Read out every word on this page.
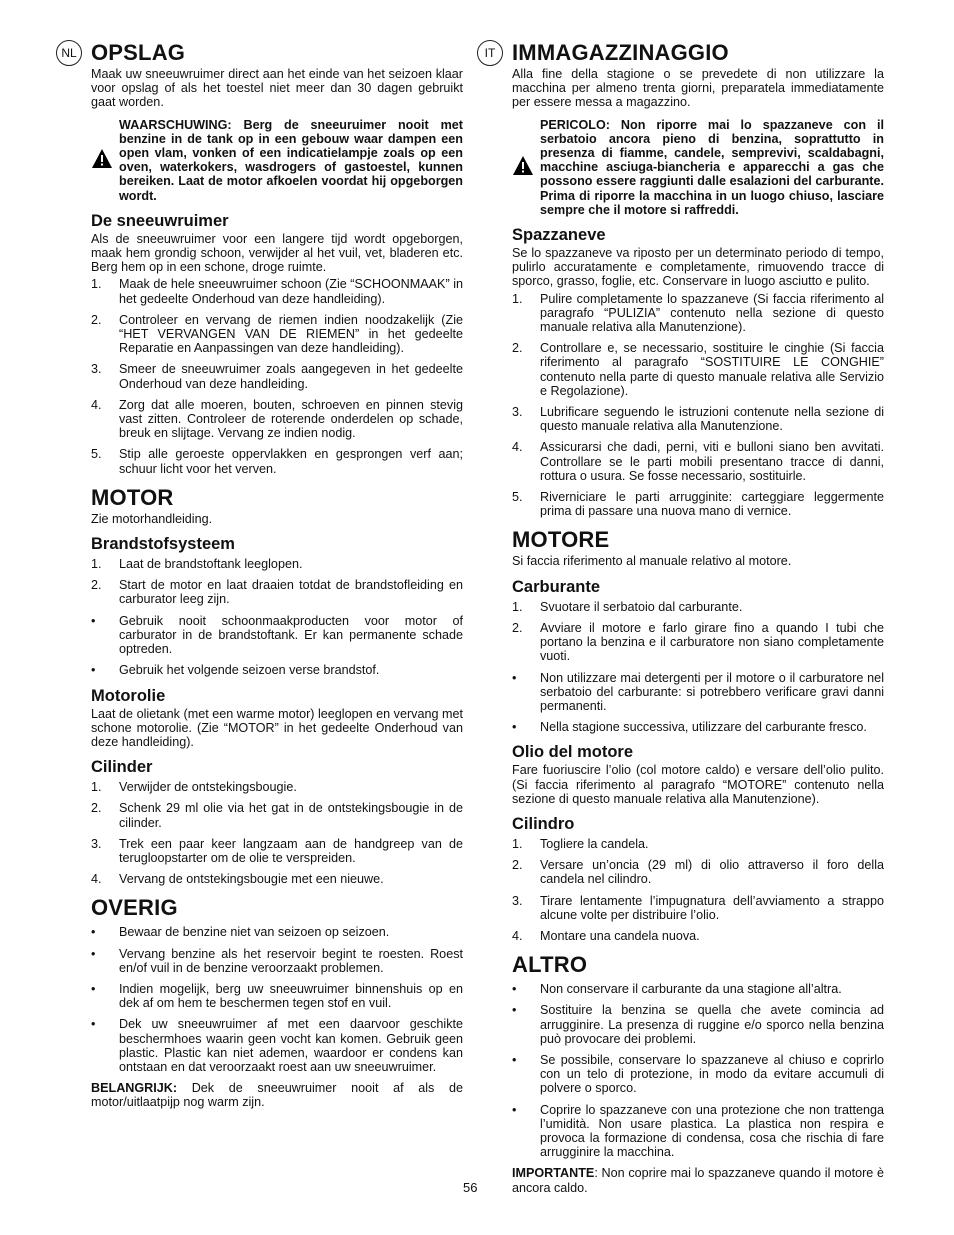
NL OPSLAG

Maak uw sneeuwruimer direct aan het einde van het seizoen klaar voor opslag of als het toestel niet meer dan 30 dagen gebruikt gaat worden.

WAARSCHUWING: Berg de sneeuruimer nooit met benzine in de tank op in een gebouw waar dampen een open vlam, vonken of een indicatielampje zoals op een oven, waterkokers, wasdrogers of gastoestel, kunnen bereiken. Laat de motor afkoelen voordat hij opgeborgen wordt.
De sneeuwruimer

Als de sneeuwruimer voor een langere tijd wordt opgeborgen, maak hem grondig schoon, verwijder al het vuil, vet, bladeren etc. Berg hem op in een schone, droge ruimte.

1. Maak de hele sneeuwruimer schoon (Zie “SCHOONMAAK” in het gedeelte Onderhoud van deze handleiding).
2. Controleer en vervang de riemen indien noodzakelijk (Zie “HET VERVANGEN VAN DE RIEMEN” in het gedeelte Reparatie en Aanpassingen van deze handleiding).
3. Smeer de sneeuwruimer zoals aangegeven in het gedeelte Onderhoud van deze handleiding.
4. Zorg dat alle moeren, bouten, schroeven en pinnen stevig vast zitten. Controleer de roterende onderdelen op schade, breuk en slijtage. Vervang ze indien nodig.
5. Stip alle geroeste oppervlakken en gesprongen verf aan; schuur licht voor het verven.
MOTOR

Zie motorhandleiding.

Brandstofsysteem
1. Laat de brandstoftank leeglopen.
2. Start de motor en laat draaien totdat de brandstofleiding en carburator leeg zijn.
• Gebruik nooit schoonmaakproducten voor motor of carburator in de brandstoftank. Er kan permanente schade optreden.
• Gebruik het volgende seizoen verse brandstof.
Motorolie

Laat de olietank (met een warme motor) leeglopen en vervang met schone motorolie. (Zie “MOTOR” in het gedeelte Onderhoud van deze handleiding).

Cilinder
1. Verwijder de ontstekingsbougie.
2. Schenk 29 ml olie via het gat in de ontstekingsbougie in de cilinder.
3. Trek een paar keer langzaam aan de handgreep van de terugloopstarter om de olie te verspreiden.
4. Vervang de ontstekingsbougie met een nieuwe.
OVERIG
• Bewaar de benzine niet van seizoen op seizoen.
• Vervang benzine als het reservoir begint te roesten. Roest en/of vuil in de benzine veroorzaakt problemen.
• Indien mogelijk, berg uw sneeuwruimer binnenshuis op en dek af om hem te beschermen tegen stof en vuil.
• Dek uw sneeuwruimer af met een daarvoor geschikte beschermhoes waarin geen vocht kan komen. Gebruik geen plastic. Plastic kan niet ademen, waardoor er condens kan ontstaan en dat veroorzaakt roest aan uw sneeuwruimer.

BELANGRIJK: Dek de sneeuwruimer nooit af als de motor/uitlaatpijp nog warm zijn.

IT IMMAGAZZINAGGIO

Alla fine della stagione o se prevedete di non utilizzare la macchina per almeno trenta giorni, preparatela immediatamente per essere messa a magazzino.

PERICOLO: Non riporre mai lo spazzaneve con il serbatoio ancora pieno di benzina, soprattutto in presenza di fiamme, candele, semprevivi, scaldabagni, macchine asciuga-biancheria e apparecchi a gas che possono essere raggiunti dalle esalazioni del carburante. Prima di riporre la macchina in un luogo chiuso, lasciare sempre che il motore si raffreddi.
Spazzaneve

Se lo spazzaneve va riposto per un determinato periodo di tempo, pulirlo accuratamente e completamente, rimuovendo tracce di sporco, grasso, foglie, etc. Conservare in luogo asciutto e pulito.

1. Pulire completamente lo spazzaneve (Si faccia riferimento al paragrafo “PULIZIA” contenuto nella sezione di questo manuale relativa alla Manutenzione).
2. Controllare e, se necessario, sostituire le cinghie (Si faccia riferimento al paragrafo “SOSTITUIRE LE CONGHIE” contenuto nella parte di questo manuale relativa alle Servizio e Regolazione).
3. Lubrificare seguendo le istruzioni contenute nella sezione di questo manuale relativa alla Manutenzione.
4. Assicurarsi che dadi, perni, viti e bulloni siano ben avvitati. Controllare se le parti mobili presentano tracce di danni, rottura o usura. Se fosse necessario, sostituirle.
5. Riverniciare le parti arrugginite: carteggiare leggermente prima di passare una nuova mano di vernice.
MOTORE

Si faccia riferimento al manuale relativo al motore.

Carburante
1. Svuotare il serbatoio dal carburante.
2. Avviare il motore e farlo girare fino a quando I tubi che portano la benzina e il carburatore non siano completamente vuoti.
• Non utilizzare mai detergenti per il motore o il carburatore nel serbatoio del carburante: si potrebbero verificare gravi danni permanenti.
• Nella stagione successiva, utilizzare del carburante fresco.
Olio del motore

Fare fuoriuscire l’olio (col motore caldo) e versare dell’olio pulito. (Si faccia riferimento al paragrafo “MOTORE” contenuto nella sezione di questo manuale relativa alla Manutenzione).

Cilindro
1. Togliere la candela.
2. Versare un’oncia (29 ml) di olio attraverso il foro della candela nel cilindro.
3. Tirare lentamente l’impugnatura dell’avviamento a strappo alcune volte per distribuire l’olio.
4. Montare una candela nuova.
ALTRO
• Non conservare il carburante da una stagione all’altra.
• Sostituire la benzina se quella che avete comincia ad arrugginire. La presenza di ruggine e/o sporco nella benzina può provocare dei problemi.
• Se possibile, conservare lo spazzaneve al chiuso e coprirlo con un telo di protezione, in modo da evitare accumuli di polvere o sporco.
• Coprire lo spazzaneve con una protezione che non trattenga l’umidità. Non usare plastica. La plastica non respira e provoca la formazione di condensa, cosa che rischia di fare arrugginire la macchina.

IMPORTANTE: Non coprire mai lo spazzaneve quando il motore è ancora caldo.

56
